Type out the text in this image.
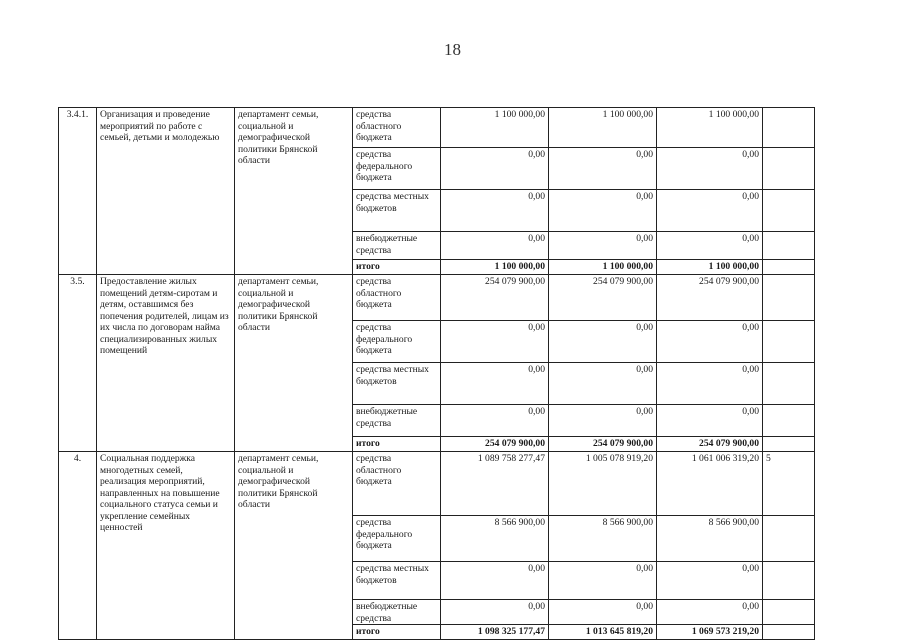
18
3.4.1.	Организация и проведение мероприятий по работе с семьей, детьми и молодежью	департамент семьи, социальной и демографической политики Брянской области	средства областного бюджета	1 100 000,00	1 100 000,00	1 100 000,00	
			средства федерального бюджета	0,00	0,00	0,00	
			средства местных бюджетов	0,00	0,00	0,00	
			внебюджетные средства	0,00	0,00	0,00	
			итого	1 100 000,00	1 100 000,00	1 100 000,00	
3.5.	Предоставление жилых помещений детям-сиротам и детям, оставшимся без попечения родителей, лицам из их числа по договорам найма специализированных жилых помещений	департамент семьи, социальной и демографической политики Брянской области	средства областного бюджета	254 079 900,00	254 079 900,00	254 079 900,00	
			средства федерального бюджета	0,00	0,00	0,00	
			средства местных бюджетов	0,00	0,00	0,00	
			внебюджетные средства	0,00	0,00	0,00	
			итого	254 079 900,00	254 079 900,00	254 079 900,00	
4.	Социальная поддержка многодетных семей, реализация мероприятий, направленных на повышение социального статуса семьи и укрепление семейных ценностей	департамент семьи, социальной и демографической политики Брянской области	средства областного бюджета	1 089 758 277,47	1 005 078 919,20	1 061 006 319,20	5
			средства федерального бюджета	8 566 900,00	8 566 900,00	8 566 900,00	
			средства местных бюджетов	0,00	0,00	0,00	
			внебюджетные средства	0,00	0,00	0,00	
			итого	1 098 325 177,47	1 013 645 819,20	1 069 573 219,20	
